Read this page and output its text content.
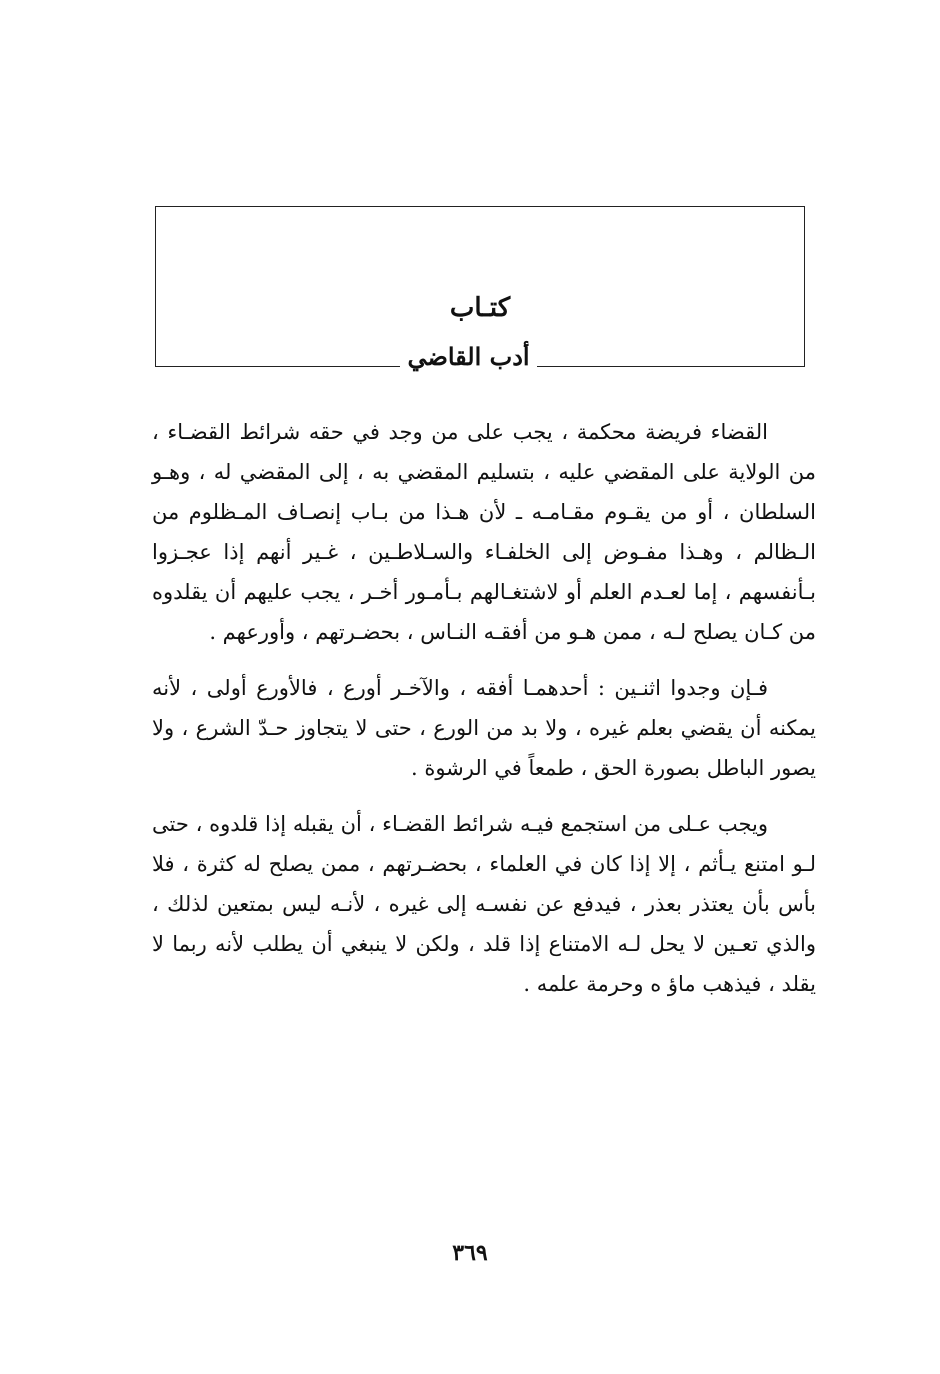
كتـاب
أدب القاضي

القضاء فريضة محكمة ، يجب على من وجد في حقه شرائط القضـاء ، من الولاية على المقضي عليه ، بتسليم المقضي به ، إلى المقضي له ، وهـو السلطان ، أو من يقـوم مقـامـه ـ لأن هـذا من بـاب إنصـاف المـظلوم من الـظالم ، وهـذا مفـوض إلى الخلفـاء والسـلاطـين ، غـير أنهم إذا عجـزوا بـأنفسهم ، إما لعـدم العلم أو لاشتغـالهم بـأمـور أخـر ، يجب عليهم أن يقلدوه من كـان يصلح لـه ، ممن هـو من أفقـه النـاس ، بحضـرتهم ، وأورعهم .

فـإن وجدوا اثنـين : أحدهمـا أفقه ، والآخـر أورع ، فالأورع أولى ، لأنه يمكنه أن يقضي بعلم غيره ، ولا بد من الورع ، حتى لا يتجاوز حـدّ الشرع ، ولا يصور الباطل بصورة الحق ، طمعاً في الرشوة .

ويجب عـلى من استجمع فيـه شرائط القضـاء ، أن يقبله إذا قلدوه ، حتى لـو امتنع يـأثم ، إلا إذا كان في العلماء ، بحضـرتهم ، ممن يصلح له كثرة ، فلا بأس بأن يعتذر بعذر ، فيدفع عن نفسـه إلى غيره ، لأنـه ليس بمتعين لذلك ، والذي تعـين لا يحل لـه الامتناع إذا قلد ، ولكن لا ينبغي أن يطلب لأنه ربما لا يقلد ، فيذهب ماؤ ه وحرمة علمه .

٣٦٩
